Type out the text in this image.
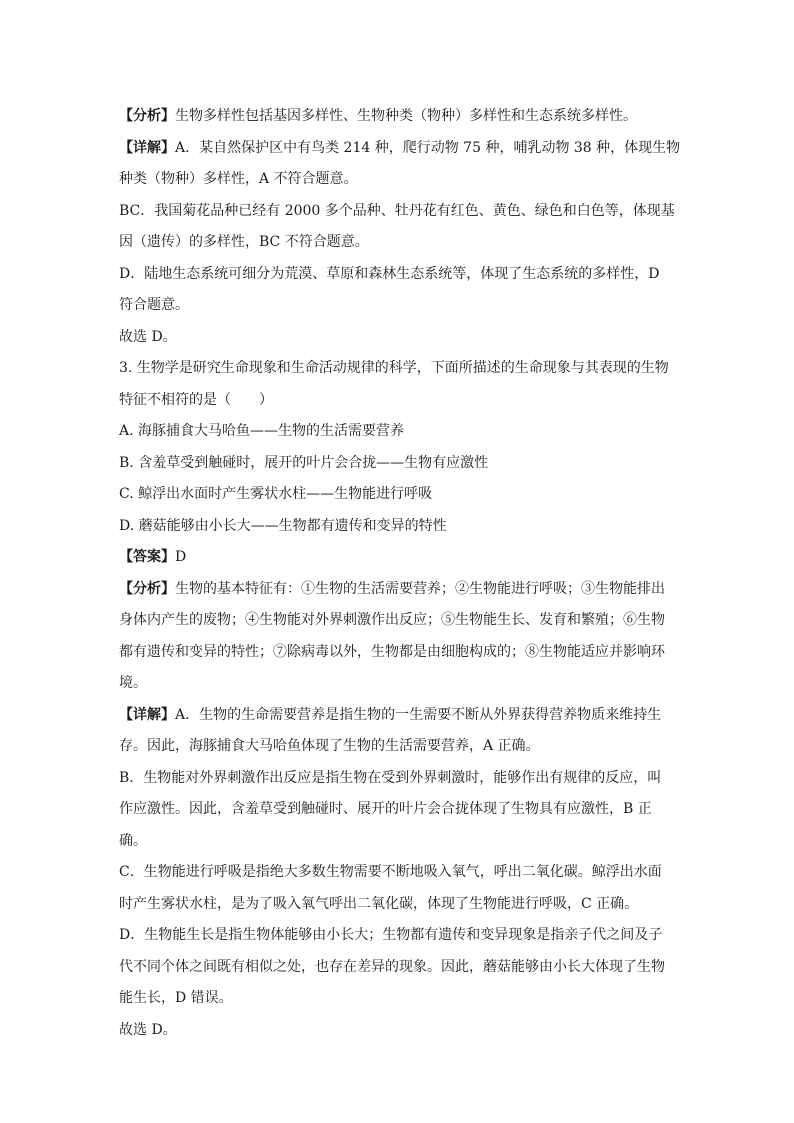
【分析】生物多样性包括基因多样性、生物种类（物种）多样性和生态系统多样性。
【详解】A．某自然保护区中有鸟类 214 种，爬行动物 75 种，哺乳动物 38 种，体现生物
种类（物种）多样性，A 不符合题意。
BC．我国菊花品种已经有 2000 多个品种、牡丹花有红色、黄色、绿色和白色等，体现基
因（遗传）的多样性，BC 不符合题意。
D．陆地生态系统可细分为荒漠、草原和森林生态系统等，体现了生态系统的多样性，D
符合题意。
故选 D。
3. 生物学是研究生命现象和生命活动规律的科学，下面所描述的生命现象与其表现的生物
特征不相符的是（　　）
A. 海豚捕食大马哈鱼——生物的生活需要营养
B. 含羞草受到触碰时，展开的叶片会合拢——生物有应激性
C. 鲸浮出水面时产生雾状水柱——生物能进行呼吸
D. 蘑菇能够由小长大——生物都有遗传和变异的特性
【答案】D
【分析】生物的基本特征有：①生物的生活需要营养；②生物能进行呼吸；③生物能排出
身体内产生的废物；④生物能对外界刺激作出反应；⑤生物能生长、发育和繁殖；⑥生物
都有遗传和变异的特性；⑦除病毒以外，生物都是由细胞构成的；⑧生物能适应并影响环
境。
【详解】A．生物的生命需要营养是指生物的一生需要不断从外界获得营养物质来维持生
存。因此，海豚捕食大马哈鱼体现了生物的生活需要营养，A 正确。
B．生物能对外界刺激作出反应是指生物在受到外界刺激时，能够作出有规律的反应，叫
作应激性。因此，含羞草受到触碰时、展开的叶片会合拢体现了生物具有应激性，B 正
确。
C．生物能进行呼吸是指绝大多数生物需要不断地吸入氧气，呼出二氧化碳。鲸浮出水面
时产生雾状水柱，是为了吸入氧气呼出二氧化碳，体现了生物能进行呼吸，C 正确。
D．生物能生长是指生物体能够由小长大；生物都有遗传和变异现象是指亲子代之间及子
代不同个体之间既有相似之处，也存在差异的现象。因此，蘑菇能够由小长大体现了生物
能生长，D 错误。
故选 D。
